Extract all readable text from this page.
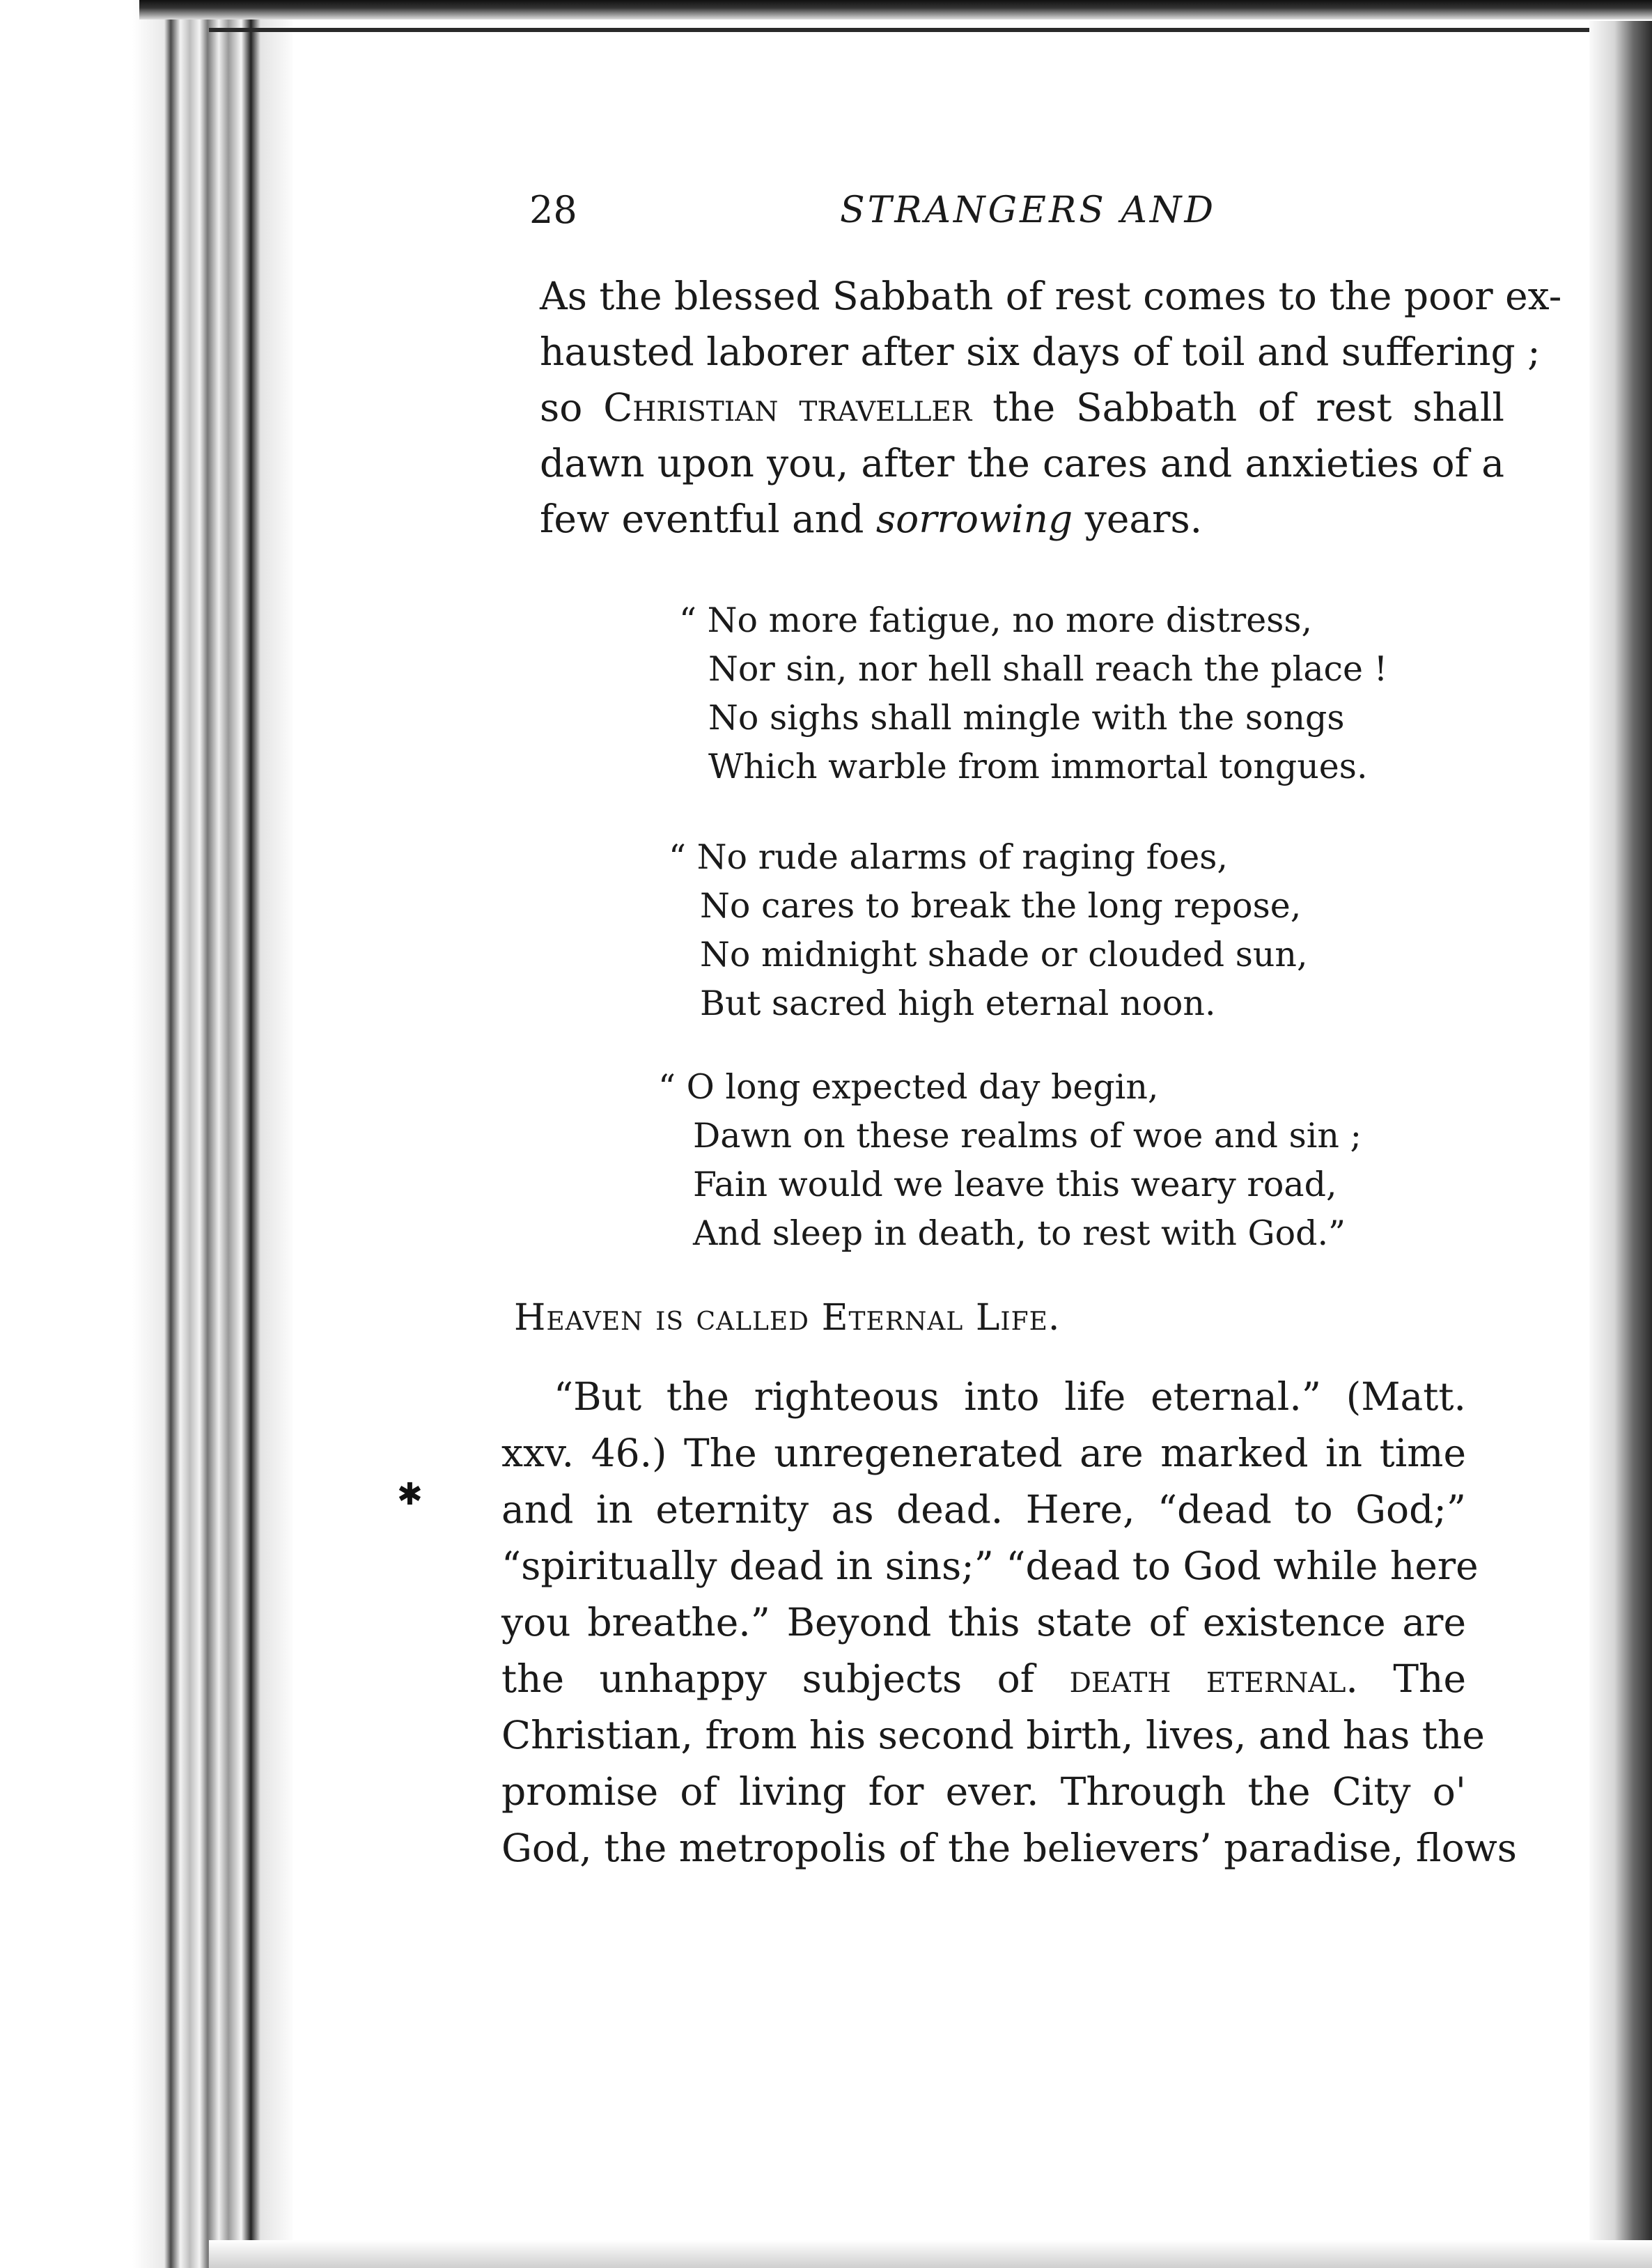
✱
28	STRANGERS AND
As the blessed Sabbath of rest comes to the poor ex-
hausted laborer after six days of toil and suffering ;
so Christian traveller the Sabbath of rest shall
dawn upon you, after the cares and anxieties of a
few eventful and sorrowing years.
“ No more fatigue, no more distress,
Nor sin, nor hell shall reach the place !
No sighs shall mingle with the songs
Which warble from immortal tongues.
“ No rude alarms of raging foes,
No cares to break the long repose,
No midnight shade or clouded sun,
But sacred high eternal noon.
“ O long expected day begin,
Dawn on these realms of woe and sin ;
Fain would we leave this weary road,
And sleep in death, to rest with God.”
Heaven is called Eternal Life.
“But the righteous into life eternal.” (Matt.
xxv. 46.) The unregenerated are marked in time
and in eternity as dead. Here, “dead to God;”
“spiritually dead in sins;” “dead to God while here
you breathe.” Beyond this state of existence are
the unhappy subjects of death eternal. The
Christian, from his second birth, lives, and has the
promise of living for ever. Through the City o'
God, the metropolis of the believers’ paradise, flows
